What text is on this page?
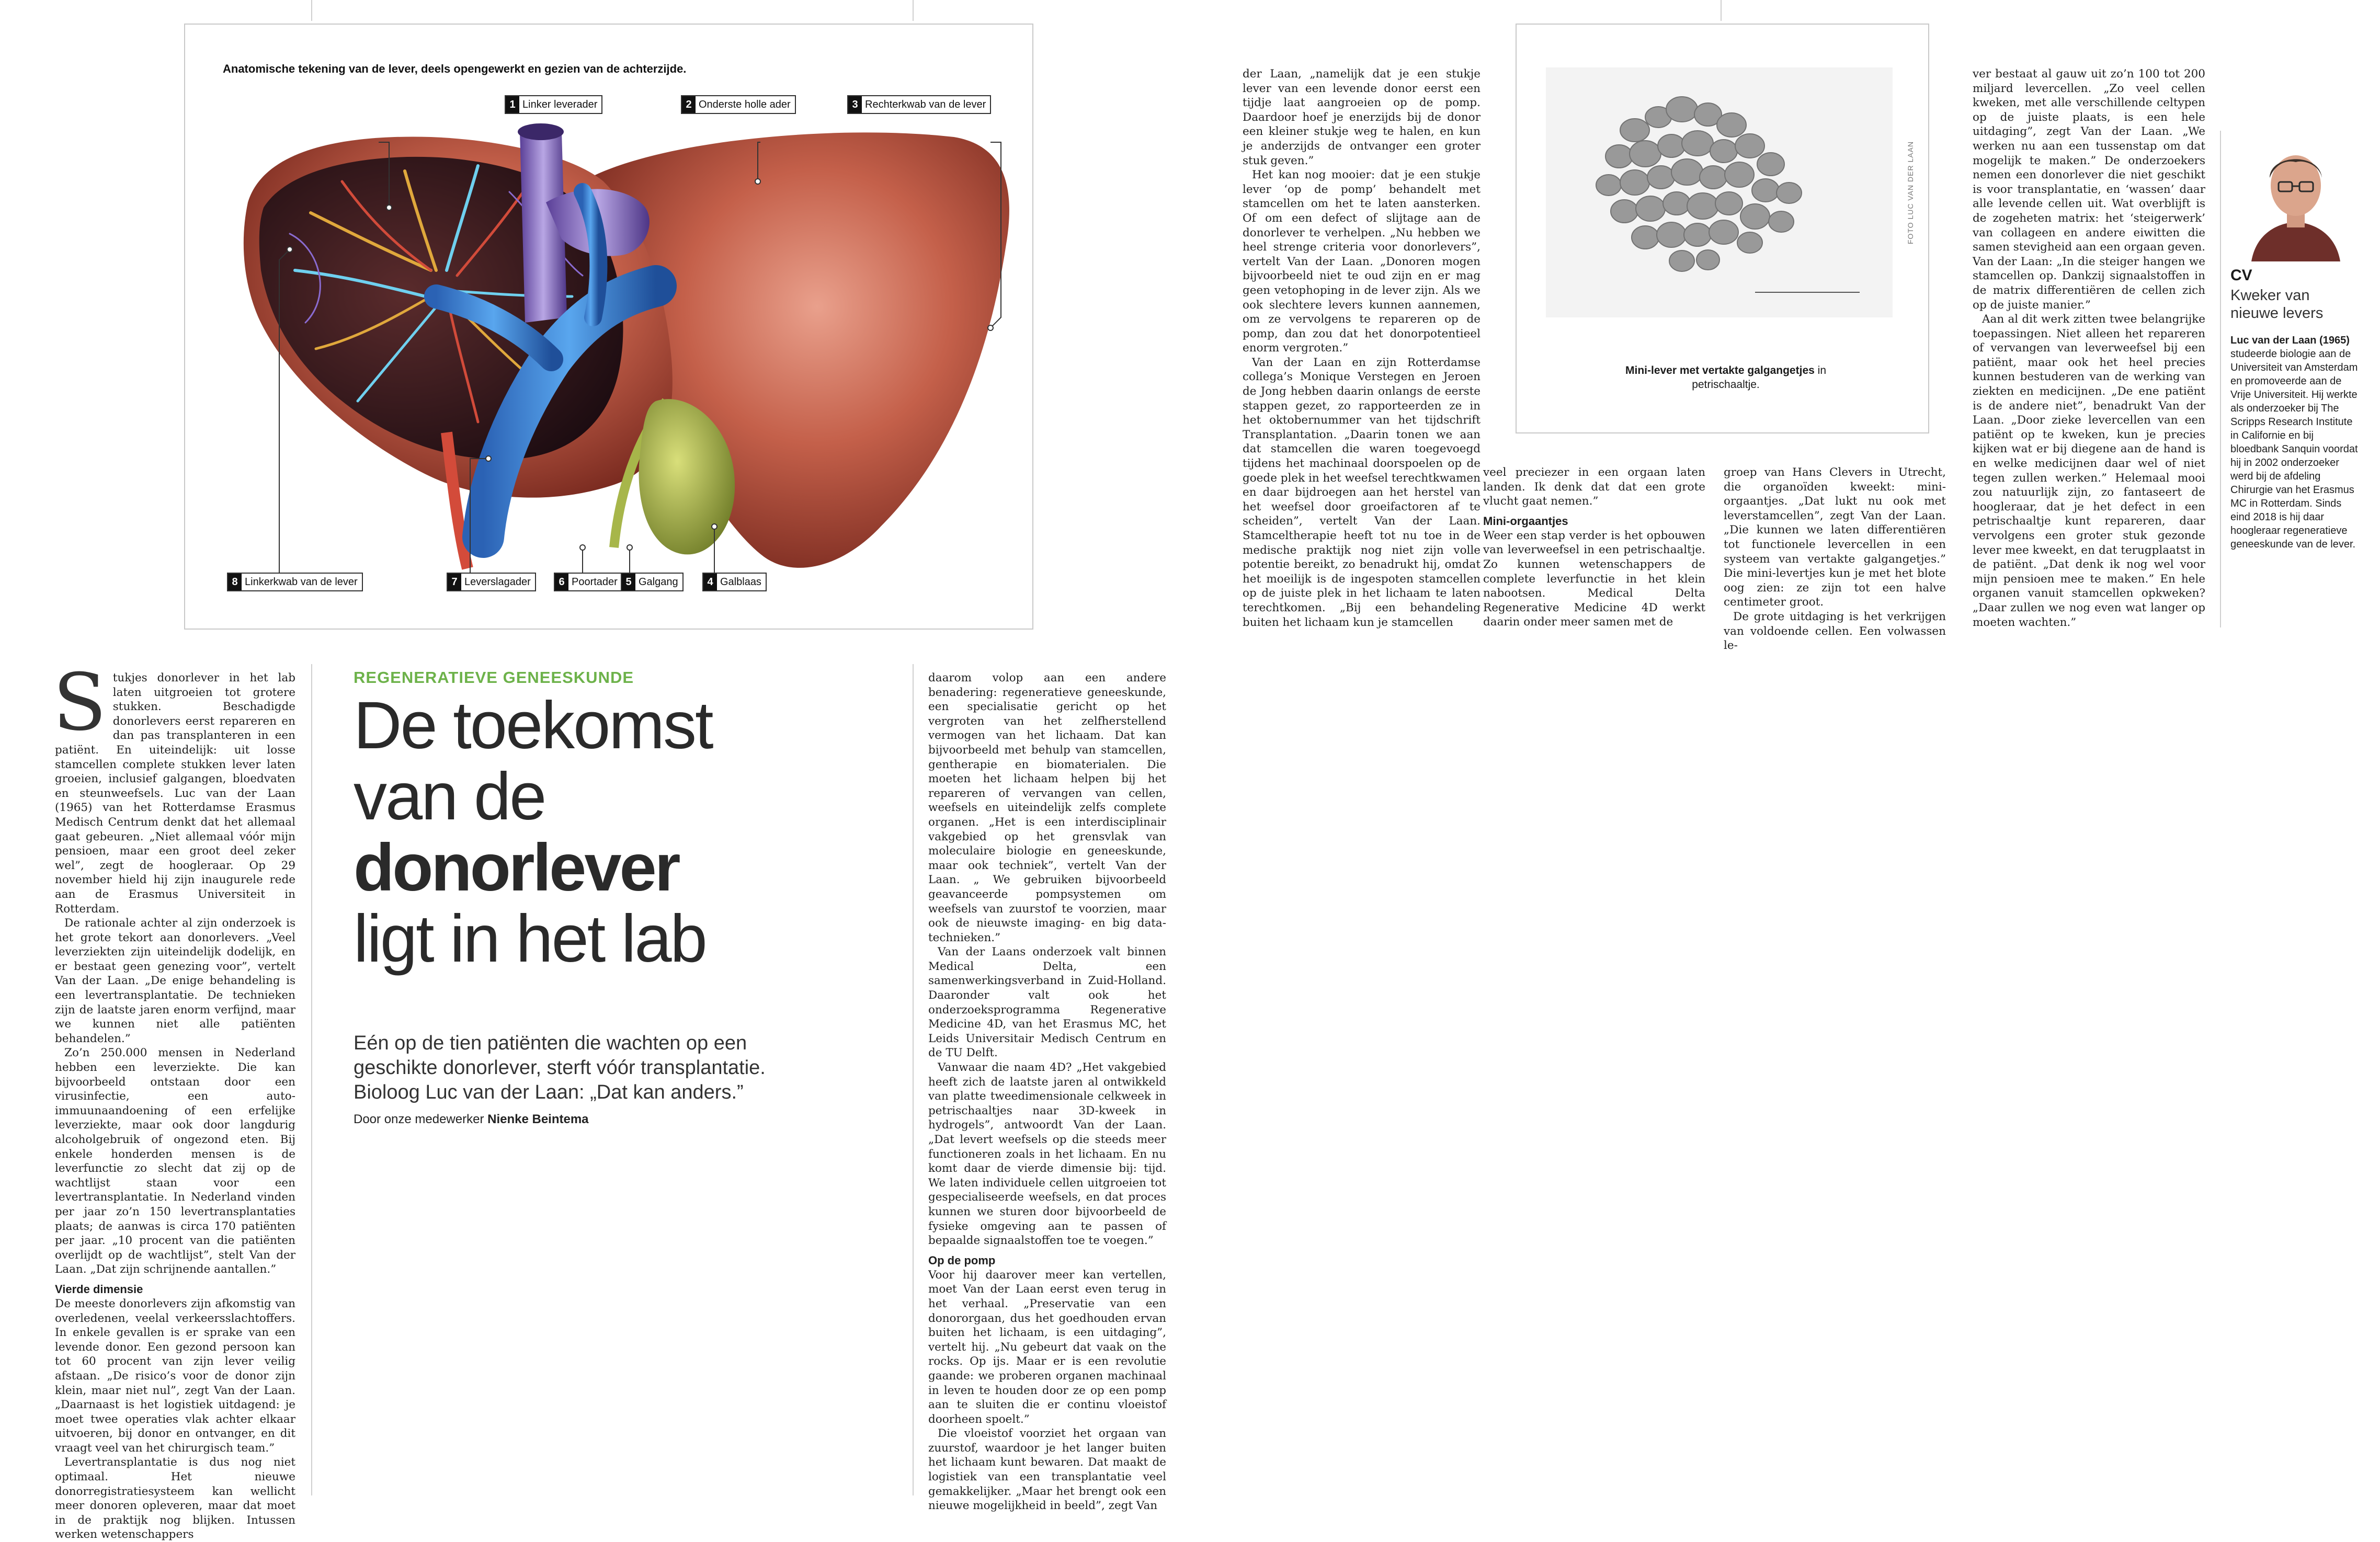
Anatomische tekening van de lever, deels opengewerkt en gezien van de achterzijde.
1 Linker leverader	2 Onderste holle ader	3 Rechterkwab van de lever
8 Linkerkwab van de lever	7 Leverslagader	6 Poortader 5 Galgang	4 Galblaas
REGENERATIEVE GENEESKUNDE
De toekomst
van de
donorlever
ligt in het lab
Eén op de tien patiënten die wachten op een geschikte donorlever, sterft vóór transplantatie. Bioloog Luc van der Laan: „Dat kan anders.”
Door onze medewerker Nienke Beintema
S tukjes donorlever in het lab laten uitgroeien tot grotere stukken. Beschadigde donorlevers eerst repareren en dan pas transplanteren in een patiënt. En uiteindelijk: uit losse stamcellen complete stukken lever laten groeien, inclusief galgangen, bloedvaten en steunweefsels. Luc van der Laan (1965) van het Rotterdamse Erasmus Medisch Centrum denkt dat het allemaal gaat gebeuren. „Niet allemaal vóór mijn pensioen, maar een groot deel zeker wel”, zegt de hoogleraar. Op 29 november hield hij zijn inaugurele rede aan de Erasmus Universiteit in Rotterdam.

De rationale achter al zijn onderzoek is het grote tekort aan donorlevers. „Veel leverziekten zijn uiteindelijk dodelijk, en er bestaat geen genezing voor”, vertelt Van der Laan. „De enige behandeling is een levertransplantatie. De technieken zijn de laatste jaren enorm verfijnd, maar we kunnen niet alle patiënten behandelen.”

Zo’n 250.000 mensen in Nederland hebben een leverziekte. Die kan bijvoorbeeld ontstaan door een virusinfectie, een auto-immuunaandoening of een erfelijke leverziekte, maar ook door langdurig alcoholgebruik of ongezond eten. Bij enkele honderden mensen is de leverfunctie zo slecht dat zij op de wachtlijst staan voor een levertransplantatie. In Nederland vinden per jaar zo’n 150 levertransplantaties plaats; de aanwas is circa 170 patiënten per jaar. „10 procent van die patiënten overlijdt op de wachtlijst”, stelt Van der Laan. „Dat zijn schrijnende aantallen.”

Vierde dimensie

De meeste donorlevers zijn afkomstig van overledenen, veelal verkeersslachtoffers. In enkele gevallen is er sprake van een levende donor. Een gezond persoon kan tot 60 procent van zijn lever veilig afstaan. „De risico’s voor de donor zijn klein, maar niet nul”, zegt Van der Laan. „Daarnaast is het logistiek uitdagend: je moet twee operaties vlak achter elkaar uitvoeren, bij donor en ontvanger, en dit vraagt veel van het chirurgisch team.”

Levertransplantatie is dus nog niet optimaal. Het nieuwe donorregistratiesysteem kan wellicht meer donoren opleveren, maar dat moet in de praktijk nog blijken. Intussen werken wetenschappers

daarom volop aan een andere benadering: regeneratieve geneeskunde, een specialisatie gericht op het vergroten van het zelfherstellend vermogen van het lichaam. Dat kan bijvoorbeeld met behulp van stamcellen, gentherapie en biomaterialen. Die moeten het lichaam helpen bij het repareren of vervangen van cellen, weefsels en uiteindelijk zelfs complete organen. „Het is een interdisciplinair vakgebied op het grensvlak van moleculaire biologie en geneeskunde, maar ook techniek”, vertelt Van der Laan. „ We gebruiken bijvoorbeeld geavanceerde pompsystemen om weefsels van zuurstof te voorzien, maar ook de nieuwste imaging- en big data-technieken.”

Van der Laans onderzoek valt binnen Medical Delta, een samenwerkingsverband in Zuid-Holland. Daaronder valt ook het onderzoeksprogramma Regenerative Medicine 4D, van het Erasmus MC, het Leids Universitair Medisch Centrum en de TU Delft.

Vanwaar die naam 4D? „Het vakgebied heeft zich de laatste jaren al ontwikkeld van platte tweedimensionale celkweek in petrischaaltjes naar 3D-kweek in hydrogels”, antwoordt Van der Laan. „Dat levert weefsels op die steeds meer functioneren zoals in het lichaam. En nu komt daar de vierde dimensie bij: tijd. We laten individuele cellen uitgroeien tot gespecialiseerde weefsels, en dat proces kunnen we sturen door bijvoorbeeld de fysieke omgeving aan te passen of bepaalde signaalstoffen toe te voegen.”

Op de pomp

Voor hij daarover meer kan vertellen, moet Van der Laan eerst even terug in het verhaal. „Preservatie van een donororgaan, dus het goedhouden ervan buiten het lichaam, is een uitdaging”, vertelt hij. „Nu gebeurt dat vaak on the rocks. Op ijs. Maar er is een revolutie gaande: we proberen organen machinaal in leven te houden door ze op een pomp aan te sluiten die er continu vloeistof doorheen spoelt.”

Die vloeistof voorziet het orgaan van zuurstof, waardoor je het langer buiten het lichaam kunt bewaren. Dat maakt de logistiek van een transplantatie veel gemakkelijker. „Maar het brengt ook een nieuwe mogelijkheid in beeld”, zegt Van

der Laan, „namelijk dat je een stukje lever van een levende donor eerst een tijdje laat aangroeien op de pomp. Daardoor hoef je enerzijds bij de donor een kleiner stukje weg te halen, en kun je anderzijds de ontvanger een groter stuk geven.”

Het kan nog mooier: dat je een stukje lever ‘op de pomp’ behandelt met stamcellen om het te laten aansterken. Of om een defect of slijtage aan de donorlever te verhelpen. „Nu hebben we heel strenge criteria voor donorlevers”, vertelt Van der Laan. „Donoren mogen bijvoorbeeld niet te oud zijn en er mag geen vetophoping in de lever zijn. Als we ook slechtere levers kunnen aannemen, om ze vervolgens te repareren op de pomp, dan zou dat het donorpotentieel enorm vergroten.”

Van der Laan en zijn Rotterdamse collega’s Monique Verstegen en Jeroen de Jong hebben daarin onlangs de eerste stappen gezet, zo rapporteerden ze in het oktobernummer van het tijdschrift Transplantation. „Daarin tonen we aan dat stamcellen die waren toegevoegd tijdens het machinaal doorspoelen op de goede plek in het weefsel terechtkwamen en daar bijdroegen aan het herstel van het weefsel door groeifactoren af te scheiden”, vertelt Van der Laan. Stamceltherapie heeft tot nu toe in de medische praktijk nog niet zijn volle potentie bereikt, zo benadrukt hij, omdat het moeilijk is de ingespoten stamcellen op de juiste plek in het lichaam te laten terechtkomen. „Bij een behandeling buiten het lichaam kun je stamcellen

FOTO LUC VAN DER LAAN
Mini-lever met vertakte galgangetjes in petrischaaltje.

veel preciezer in een orgaan laten landen. Ik denk dat dat een grote vlucht gaat nemen.”

Mini-orgaantjes

Weer een stap verder is het opbouwen van leverweefsel in een petrischaaltje. Zo kunnen wetenschappers de complete leverfunctie in het klein nabootsen. Medical Delta Regenerative Medicine 4D werkt daarin onder meer samen met de

groep van Hans Clevers in Utrecht, die organoïden kweekt: mini-orgaantjes. „Dat lukt nu ook met leverstamcellen”, zegt Van der Laan. „Die kunnen we laten differentiëren tot functionele levercellen in een systeem van vertakte galgangetjes.” Die mini-levertjes kun je met het blote oog zien: ze zijn tot een halve centimeter groot.

De grote uitdaging is het verkrijgen van voldoende cellen. Een volwassen le-

ver bestaat al gauw uit zo’n 100 tot 200 miljard levercellen. „Zo veel cellen kweken, met alle verschillende celtypen op de juiste plaats, is een hele uitdaging”, zegt Van der Laan. „We werken nu aan een tussenstap om dat mogelijk te maken.” De onderzoekers nemen een donorlever die niet geschikt is voor transplantatie, en ‘wassen’ daar alle levende cellen uit. Wat overblijft is de zogeheten matrix: het ‘steigerwerk’ van collageen en andere eiwitten die samen stevigheid aan een orgaan geven. Van der Laan: „In die steiger hangen we stamcellen op. Dankzij signaalstoffen in de matrix differentiëren de cellen zich op de juiste manier.”

Aan al dit werk zitten twee belangrijke toepassingen. Niet alleen het repareren of vervangen van leverweefsel bij een patiënt, maar ook het heel precies kunnen bestuderen van de werking van ziekten en medicijnen. „De ene patiënt is de andere niet”, benadrukt Van der Laan. „Door zieke levercellen van een patiënt op te kweken, kun je precies kijken wat er bij diegene aan de hand is en welke medicijnen daar wel of niet tegen zullen werken.” Helemaal mooi zou natuurlijk zijn, zo fantaseert de hoogleraar, dat je het defect in een petrischaaltje kunt repareren, daar vervolgens een groter stuk gezonde lever mee kweekt, en dat terugplaatst in de patiënt. „Dat denk ik nog wel voor mijn pensioen mee te maken.” En hele organen vanuit stamcellen opkweken? „Daar zullen we nog even wat langer op moeten wachten.”

CV
Kweker van nieuwe levers
Luc van der Laan (1965) studeerde biologie aan de Universiteit van Amsterdam en promoveerde aan de Vrije Universiteit. Hij werkte als onderzoeker bij The Scripps Research Institute in Californie en bij bloedbank Sanquin voordat hij in 2002 onderzoeker werd bij de afdeling Chirurgie van het Erasmus MC in Rotterdam. Sinds eind 2018 is hij daar hoogleraar regeneratieve geneeskunde van de lever.
